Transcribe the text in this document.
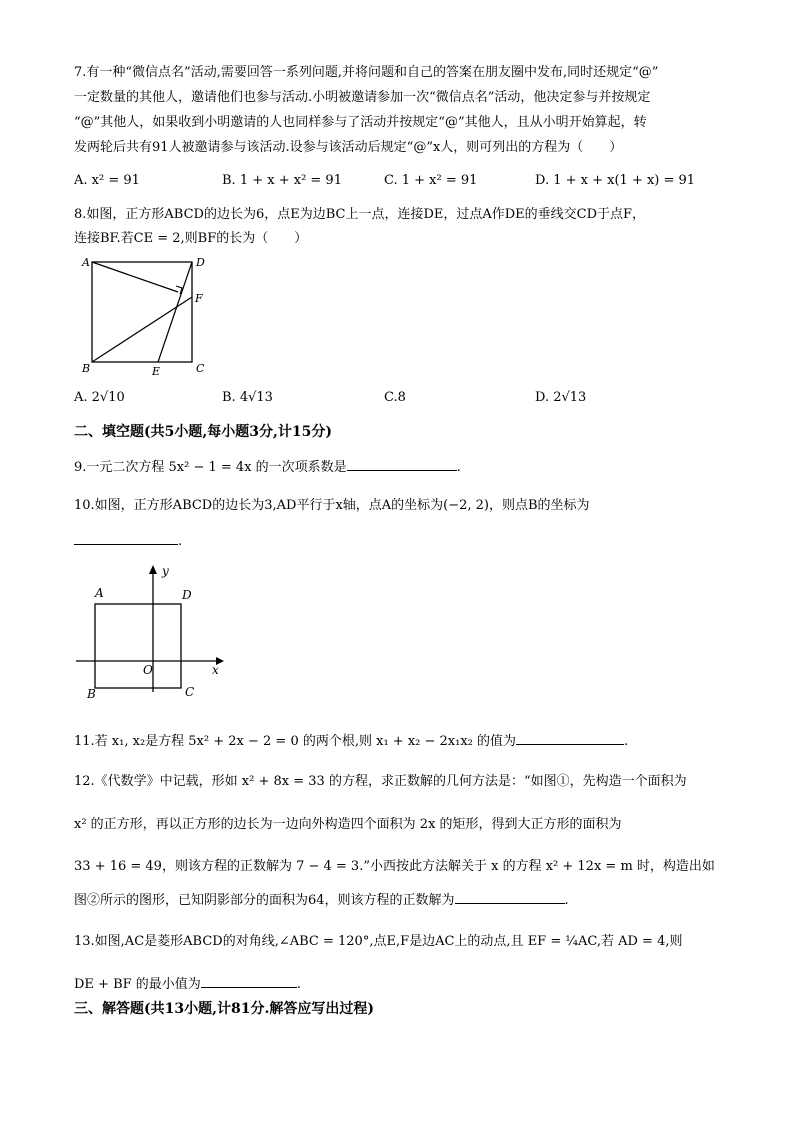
7.有一种“微信点名”活动,需要回答一系列问题,并将问题和自己的答案在朋友圈中发布,同时还规定“@”
一定数量的其他人，邀请他们也参与活动.小明被邀请参加一次“微信点名”活动，他决定参与并按规定
“@”其他人，如果收到小明邀请的人也同样参与了活动并按规定“@”其他人，且从小明开始算起，转
发两轮后共有91人被邀请参与该活动.设参与该活动后规定“@”x人，则可列出的方程为（　　）
A. x² = 91	B. 1 + x + x² = 91	C. 1 + x² = 91	D. 1 + x + x(1 + x) = 91
8.如图，正方形ABCD的边长为6，点E为边BC上一点，连接DE，过点A作DE的垂线交CD于点F，
连接BF.若CE = 2,则BF的长为（　　）
A	D
F
B	E	C
A. 2√10	B. 4√13	C.8	D. 2√13
二、填空题(共5小题,每小题3分,计15分)
9.一元二次方程 5x² − 1 = 4x 的一次项系数是	.
10.如图，正方形ABCD的边长为3,AD平行于x轴，点A的坐标为(−2, 2)，则点B的坐标为
.
y
x
O
A	D
B	C
11.若 x₁, x₂是方程 5x² + 2x − 2 = 0 的两个根,则 x₁ + x₂ − 2x₁x₂ 的值为	.
12.《代数学》中记载，形如 x² + 8x = 33 的方程，求正数解的几何方法是：“如图①，先构造一个面积为
x² 的正方形，再以正方形的边长为一边向外构造四个面积为 2x 的矩形，得到大正方形的面积为
33 + 16 = 49，则该方程的正数解为 7 − 4 = 3.”小西按此方法解关于 x 的方程 x² + 12x = m 时，构造出如
图②所示的图形，已知阴影部分的面积为64，则该方程的正数解为	.
13.如图,AC是菱形ABCD的对角线,∠ABC = 120°,点E,F是边AC上的动点,且 EF = ¼AC,若 AD = 4,则
DE + BF 的最小值为	.
三、解答题(共13小题,计81分.解答应写出过程)
